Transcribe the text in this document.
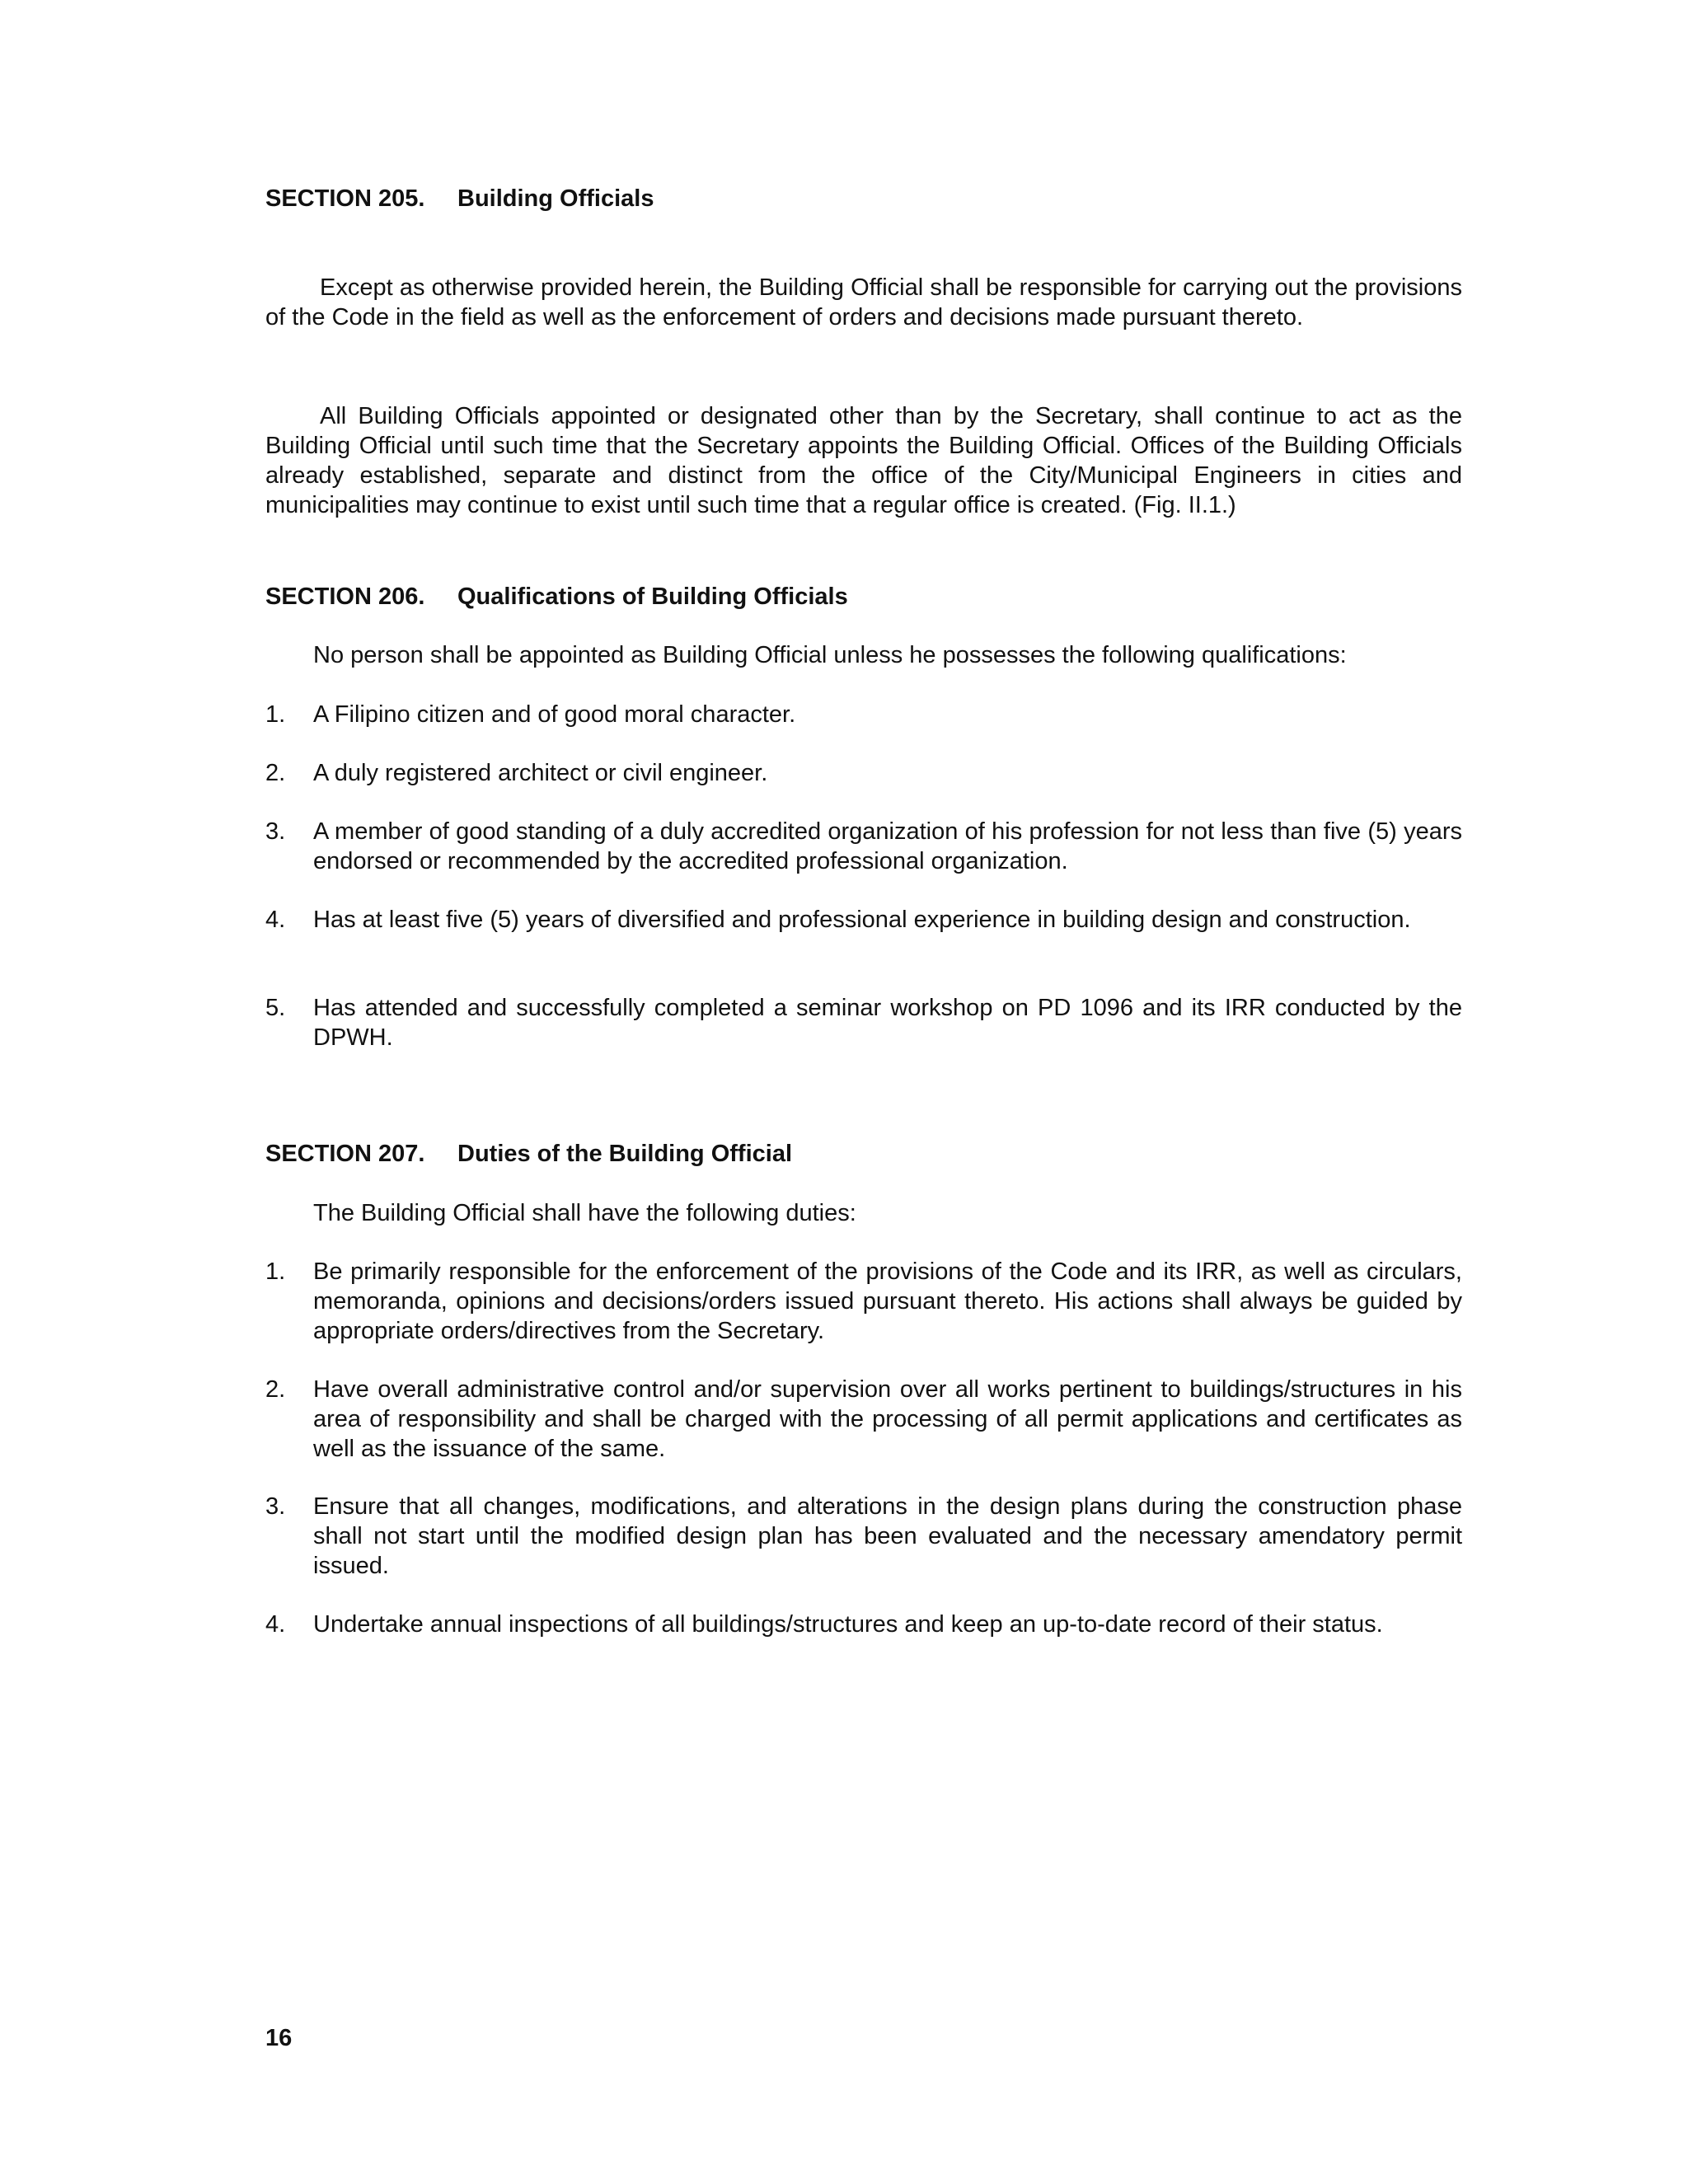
SECTION 205. Building Officials

Except as otherwise provided herein, the Building Official shall be responsible for carrying out the provisions of the Code in the field as well as the enforcement of orders and decisions made pursuant thereto.

All Building Officials appointed or designated other than by the Secretary, shall continue to act as the Building Official until such time that the Secretary appoints the Building Official. Offices of the Building Officials already established, separate and distinct from the office of the City/Municipal Engineers in cities and municipalities may continue to exist until such time that a regular office is created. (Fig. II.1.)

SECTION 206. Qualifications of Building Officials
No person shall be appointed as Building Official unless he possesses the following qualifications:
1.	A Filipino citizen and of good moral character.
2.	A duly registered architect or civil engineer.
3.	A member of good standing of a duly accredited organization of his profession for not less than five (5) years endorsed or recommended by the accredited professional organization.
4.	Has at least five (5) years of diversified and professional experience in building design and construction.
5.	Has attended and successfully completed a seminar workshop on PD 1096 and its IRR conducted by the DPWH.
SECTION 207. Duties of the Building Official
The Building Official shall have the following duties:
1.	Be primarily responsible for the enforcement of the provisions of the Code and its IRR, as well as circulars, memoranda, opinions and decisions/orders issued pursuant thereto. His actions shall always be guided by appropriate orders/directives from the Secretary.
2.	Have overall administrative control and/or supervision over all works pertinent to buildings/structures in his area of responsibility and shall be charged with the processing of all permit applications and certificates as well as the issuance of the same.
3.	Ensure that all changes, modifications, and alterations in the design plans during the construction phase shall not start until the modified design plan has been evaluated and the necessary amendatory permit issued.
4.	Undertake annual inspections of all buildings/structures and keep an up-to-date record of their status.
16
